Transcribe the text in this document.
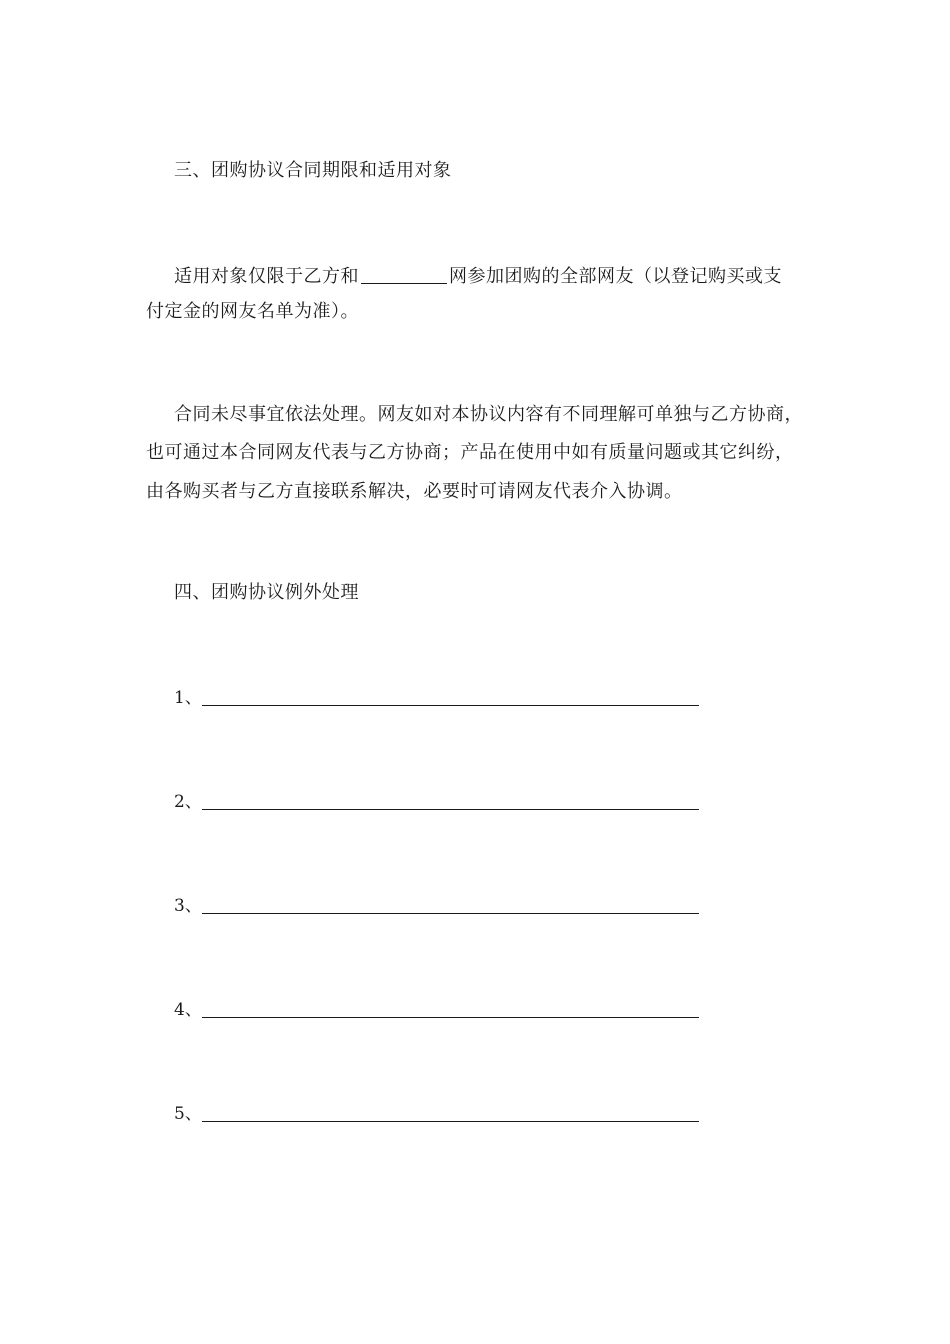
三、团购协议合同期限和适用对象
适用对象仅限于乙方和	网参加团购的全部网友（以登记购买或支
付定金的网友名单为准）。
合同未尽事宜依法处理。网友如对本协议内容有不同理解可单独与乙方协商，
也可通过本合同网友代表与乙方协商；产品在使用中如有质量问题或其它纠纷，
由各购买者与乙方直接联系解决，必要时可请网友代表介入协调。
四、团购协议例外处理
1、
2、
3、
4、
5、
